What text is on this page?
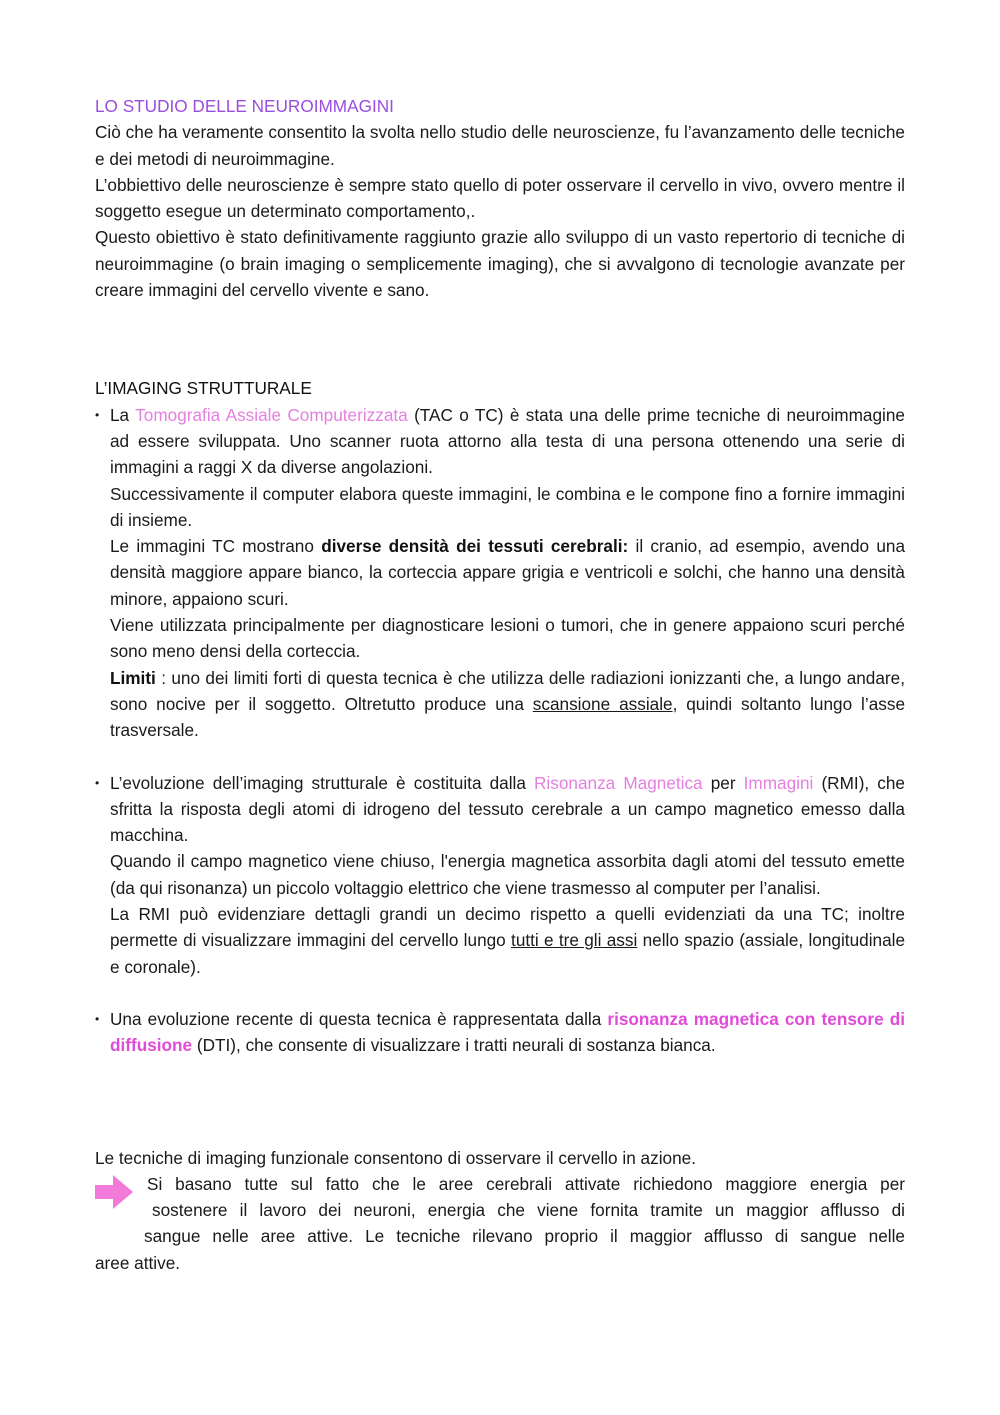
LO STUDIO DELLE NEUROIMMAGINI

Ciò che ha veramente consentito la svolta nello studio delle neuroscienze, fu l’avanzamento delle tecniche e dei metodi di neuroimmagine.

L’obbiettivo delle neuroscienze è sempre stato quello di poter osservare il cervello in vivo, ovvero mentre il soggetto esegue un determinato comportamento,.

Questo obiettivo è stato definitivamente raggiunto grazie allo sviluppo di un vasto repertorio di tecniche di neuroimmagine (o brain imaging o semplicemente imaging), che si avvalgono di tecnologie avanzate per creare immagini del cervello vivente e sano.

L’IMAGING STRUTTURALE

• La Tomografia Assiale Computerizzata (TAC o TC) è stata una delle prime tecniche di neuroimmagine ad essere sviluppata. Uno scanner ruota attorno alla testa di una persona ottenendo una serie di immagini a raggi X da diverse angolazioni.

Successivamente il computer elabora queste immagini, le combina e le compone fino a fornire immagini di insieme.

Le immagini TC mostrano diverse densità dei tessuti cerebrali: il cranio, ad esempio, avendo una densità maggiore appare bianco, la corteccia appare grigia e ventricoli e solchi, che hanno una densità minore, appaiono scuri.

Viene utilizzata principalmente per diagnosticare lesioni o tumori, che in genere appaiono scuri perché sono meno densi della corteccia.

Limiti : uno dei limiti forti di questa tecnica è che utilizza delle radiazioni ionizzanti che, a lungo andare, sono nocive per il soggetto. Oltretutto produce una scansione assiale, quindi soltanto lungo l’asse trasversale.

• L’evoluzione dell’imaging strutturale è costituita dalla Risonanza Magnetica per Immagini (RMI), che sfritta la risposta degli atomi di idrogeno del tessuto cerebrale a un campo magnetico emesso dalla macchina.

Quando il campo magnetico viene chiuso, l'energia magnetica assorbita dagli atomi del tessuto emette (da qui risonanza) un piccolo voltaggio elettrico che viene trasmesso al computer per l’analisi.

La RMI può evidenziare dettagli grandi un decimo rispetto a quelli evidenziati da una TC; inoltre permette di visualizzare immagini del cervello lungo tutti e tre gli assi nello spazio (assiale, longitudinale e coronale).

• Una evoluzione recente di questa tecnica è rappresentata dalla risonanza magnetica con tensore di diffusione (DTI), che consente di visualizzare i tratti neurali di sostanza bianca.

Le tecniche di imaging funzionale consentono di osservare il cervello in azione.

Si basano tutte sul fatto che le aree cerebrali attivate richiedono maggiore energia per

sostenere il lavoro dei neuroni, energia che viene fornita tramite un maggior afflusso di

sangue nelle aree attive. Le tecniche rilevano proprio il maggior afflusso di sangue nelle

aree attive.
